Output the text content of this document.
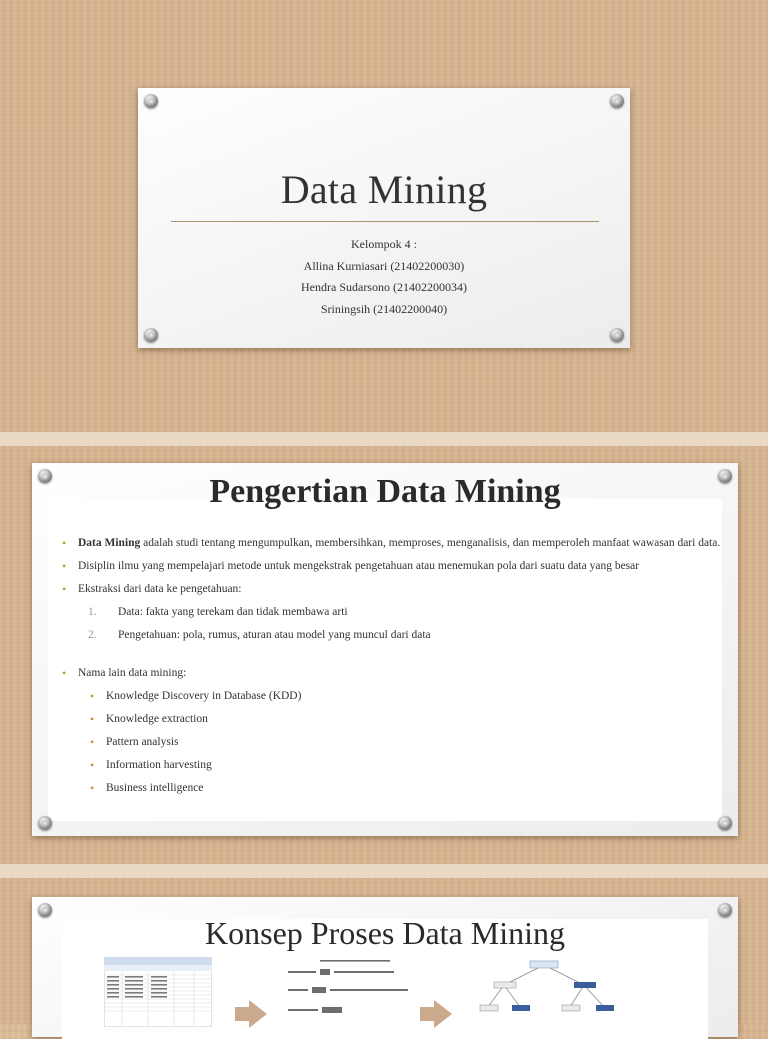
Data Mining
Kelompok 4 :
Allina Kurniasari (21402200030)
Hendra Sudarsono (21402200034)
Sriningsih (21402200040)
Pengertian Data Mining
• Data Mining adalah studi tentang mengumpulkan, membersihkan, memproses, menganalisis, dan memperoleh manfaat wawasan dari data.
• Disiplin ilmu yang mempelajari metode untuk mengekstrak pengetahuan atau menemukan pola dari suatu data yang besar
• Ekstraksi dari data ke pengetahuan:
1. Data: fakta yang terekam dan tidak membawa arti
2. Pengetahuan: pola, rumus, aturan atau model yang muncul dari data
• Nama lain data mining:
• Knowledge Discovery in Database (KDD)
• Knowledge extraction
• Pattern analysis
• Information harvesting
• Business intelligence
Konsep Proses Data Mining
